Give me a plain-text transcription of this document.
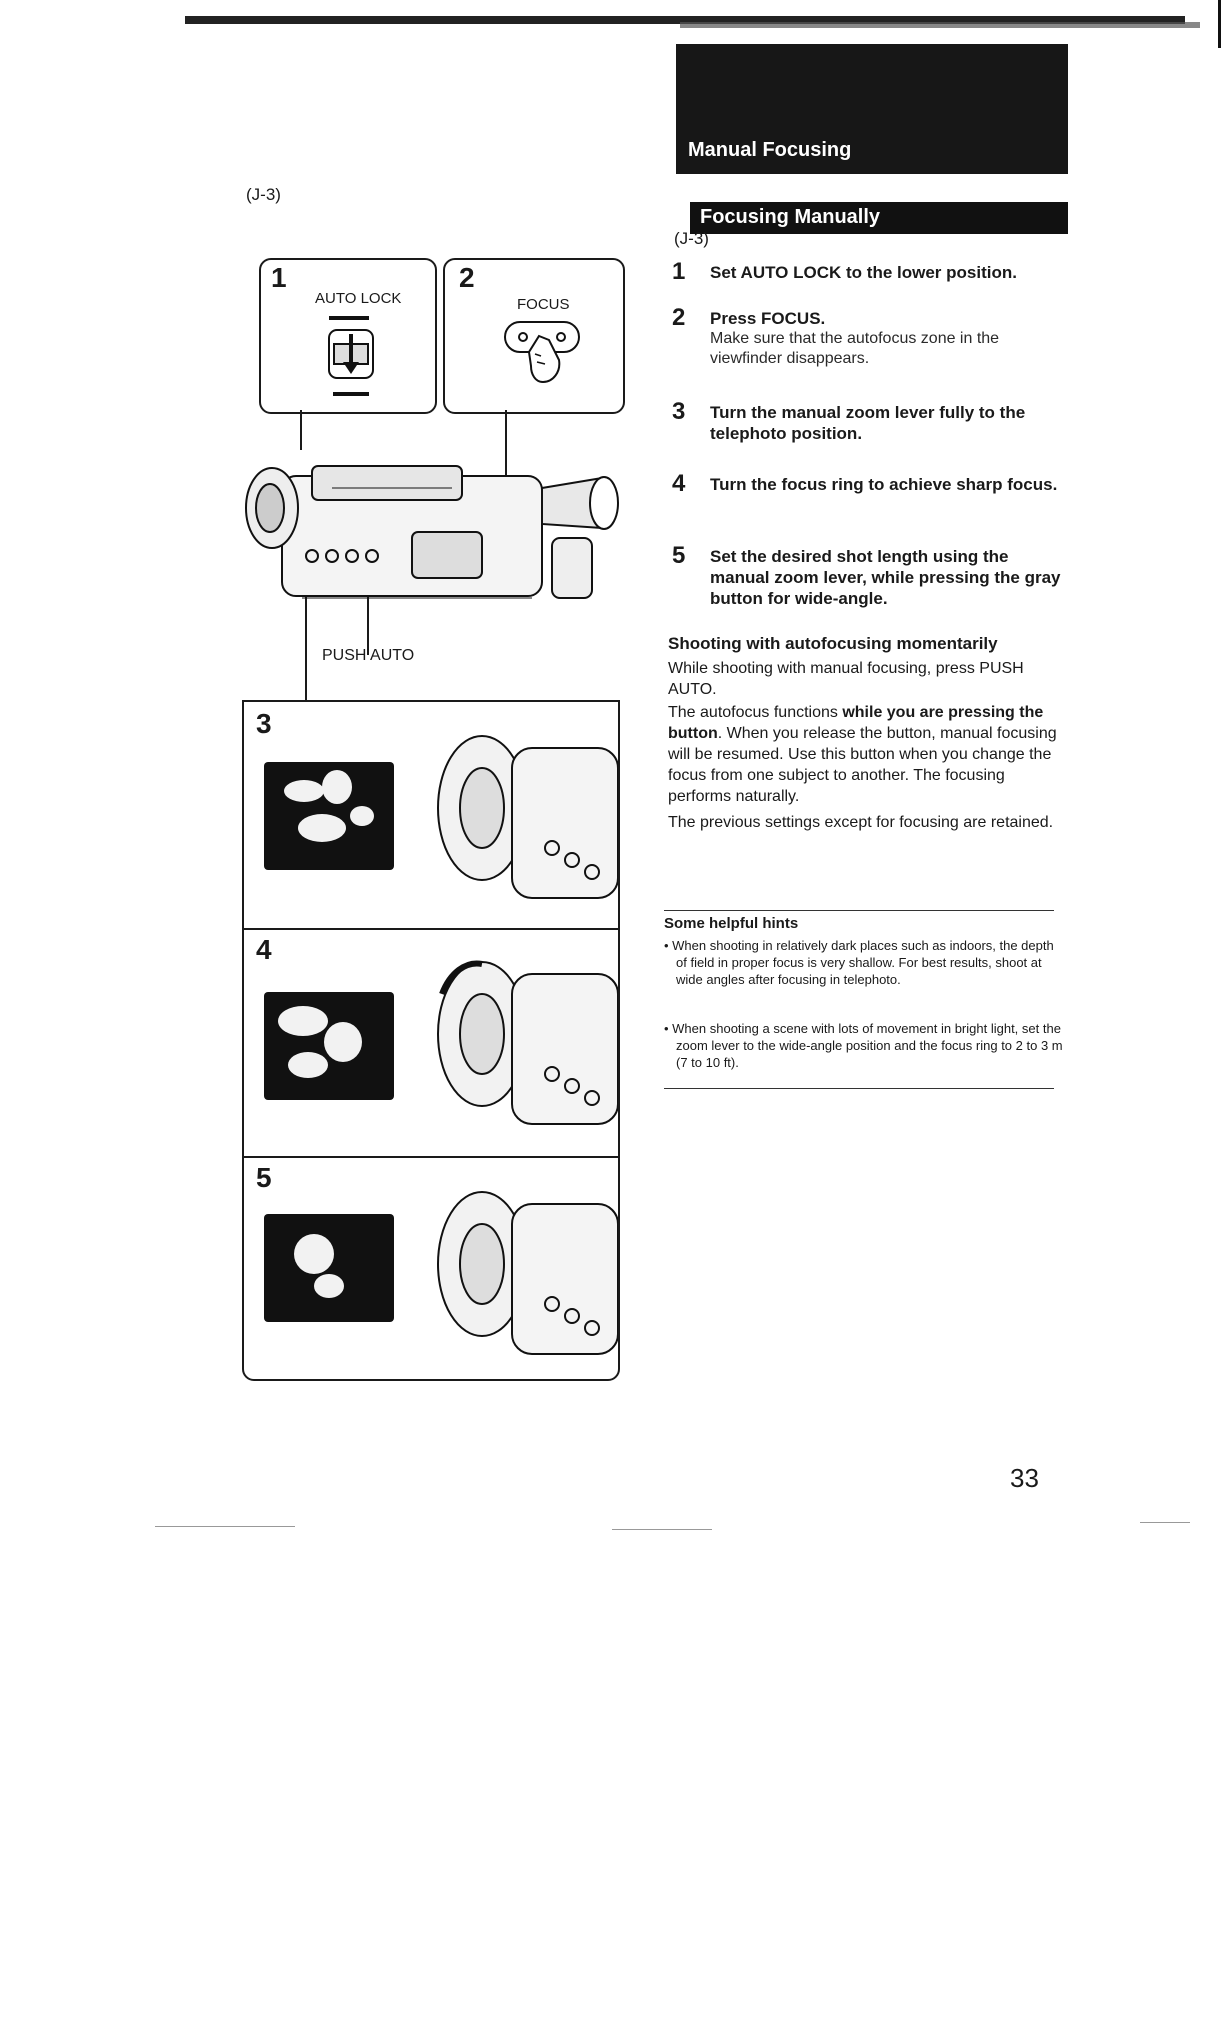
Manual Focusing
Focusing Manually
(J-3)
(J-3)
1
AUTO LOCK
2
FOCUS
PUSH AUTO
3
4
5
1 Set AUTO LOCK to the lower position.
2 Press FOCUS.
Make sure that the autofocus zone in the viewfinder disappears.
3 Turn the manual zoom lever fully to the telephoto position.
4 Turn the focus ring to achieve sharp focus.
5 Set the desired shot length using the manual zoom lever, while pressing the gray button for wide-angle.
Shooting with autofocusing momentarily
While shooting with manual focusing, press PUSH AUTO.
The autofocus functions while you are pressing the button. When you release the button, manual focusing will be resumed. Use this button when you change the focus from one subject to another. The focusing performs naturally.
The previous settings except for focusing are retained.
Some helpful hints
• When shooting in relatively dark places such as indoors, the depth of field in proper focus is very shallow. For best results, shoot at wide angles after focusing in telephoto.
• When shooting a scene with lots of movement in bright light, set the zoom lever to the wide-angle position and the focus ring to 2 to 3 m (7 to 10 ft).
33
